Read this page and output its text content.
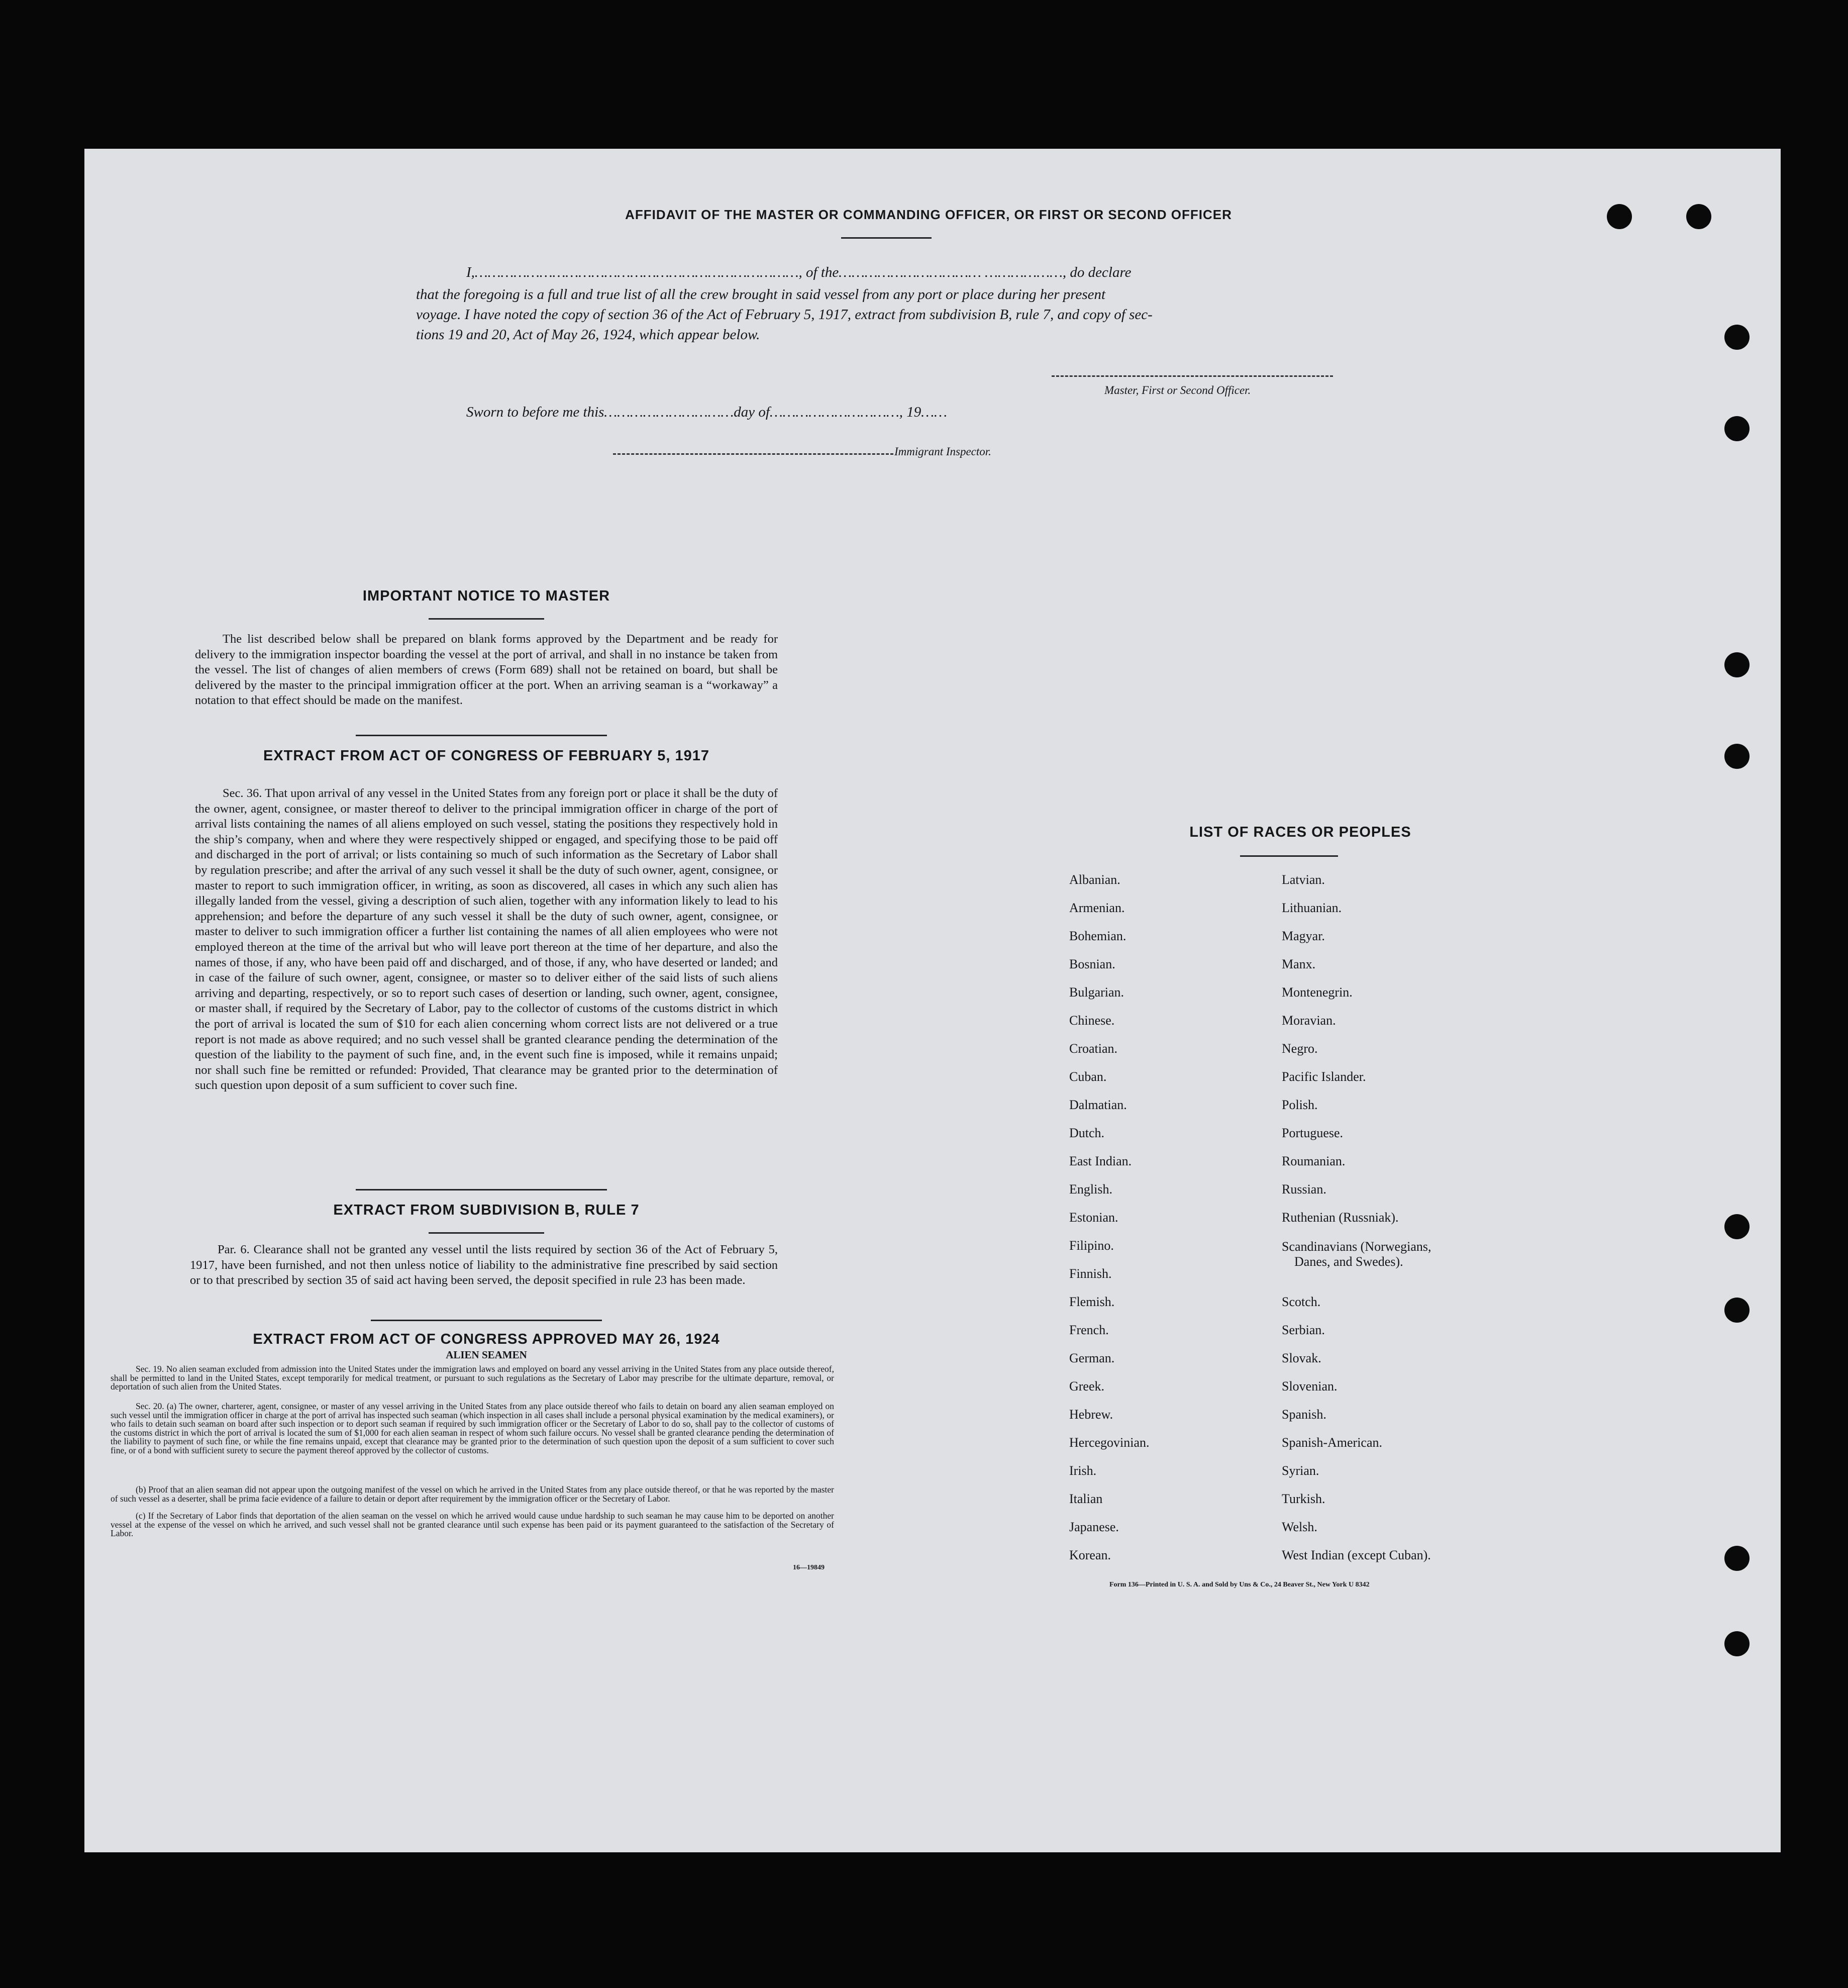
AFFIDAVIT OF THE MASTER OR COMMANDING OFFICER, OR FIRST OR SECOND OFFICER
I,…………………………………………………………………, of the…………………………… ………………, do declare
that the foregoing is a full and true list of all the crew brought in said vessel from any port or place during her present
voyage. I have noted the copy of section 36 of the Act of February 5, 1917, extract from subdivision B, rule 7, and copy of sec-
tions 19 and 20, Act of May 26, 1924, which appear below.
Master, First or Second Officer.
Sworn to before me this…………………………day of…………………………, 19……
Immigrant Inspector.
IMPORTANT NOTICE TO MASTER
The list described below shall be prepared on blank forms approved by the Department and be ready for delivery to the immigration inspector boarding the vessel at the port of arrival, and shall in no instance be taken from the vessel. The list of changes of alien members of crews (Form 689) shall not be retained on board, but shall be delivered by the master to the principal immigration officer at the port. When an arriving seaman is a “workaway” a notation to that effect should be made on the manifest.
EXTRACT FROM ACT OF CONGRESS OF FEBRUARY 5, 1917
Sec. 36. That upon arrival of any vessel in the United States from any foreign port or place it shall be the duty of the owner, agent, consignee, or master thereof to deliver to the principal immigration officer in charge of the port of arrival lists containing the names of all aliens employed on such vessel, stating the positions they respectively hold in the ship’s company, when and where they were respectively shipped or engaged, and specifying those to be paid off and discharged in the port of arrival; or lists containing so much of such information as the Secretary of Labor shall by regulation prescribe; and after the arrival of any such vessel it shall be the duty of such owner, agent, consignee, or master to report to such immigration officer, in writing, as soon as discovered, all cases in which any such alien has illegally landed from the vessel, giving a description of such alien, together with any information likely to lead to his apprehension; and before the departure of any such vessel it shall be the duty of such owner, agent, consignee, or master to deliver to such immigration officer a further list containing the names of all alien employees who were not employed thereon at the time of the arrival but who will leave port thereon at the time of her departure, and also the names of those, if any, who have been paid off and discharged, and of those, if any, who have deserted or landed; and in case of the failure of such owner, agent, consignee, or master so to deliver either of the said lists of such aliens arriving and departing, respectively, or so to report such cases of desertion or landing, such owner, agent, consignee, or master shall, if required by the Secretary of Labor, pay to the collector of customs of the customs district in which the port of arrival is located the sum of $10 for each alien concerning whom correct lists are not delivered or a true report is not made as above required; and no such vessel shall be granted clearance pending the determination of the question of the liability to the payment of such fine, and, in the event such fine is imposed, while it remains unpaid; nor shall such fine be remitted or refunded: Provided, That clearance may be granted prior to the determination of such question upon deposit of a sum sufficient to cover such fine.
EXTRACT FROM SUBDIVISION B, RULE 7
Par. 6. Clearance shall not be granted any vessel until the lists required by section 36 of the Act of February 5, 1917, have been furnished, and not then unless notice of liability to the administrative fine prescribed by said section or to that prescribed by section 35 of said act having been served, the deposit specified in rule 23 has been made.
EXTRACT FROM ACT OF CONGRESS APPROVED MAY 26, 1924
ALIEN SEAMEN
Sec. 19. No alien seaman excluded from admission into the United States under the immigration laws and employed on board any vessel arriving in the United States from any place outside thereof, shall be permitted to land in the United States, except temporarily for medical treatment, or pursuant to such regulations as the Secretary of Labor may prescribe for the ultimate departure, removal, or deportation of such alien from the United States.
Sec. 20. (a) The owner, charterer, agent, consignee, or master of any vessel arriving in the United States from any place outside thereof who fails to detain on board any alien seaman employed on such vessel until the immigration officer in charge at the port of arrival has inspected such seaman (which inspection in all cases shall include a personal physical examination by the medical examiners), or who fails to detain such seaman on board after such inspection or to deport such seaman if required by such immigration officer or the Secretary of Labor to do so, shall pay to the collector of customs of the customs district in which the port of arrival is located the sum of $1,000 for each alien seaman in respect of whom such failure occurs. No vessel shall be granted clearance pending the determination of the liability to payment of such fine, or while the fine remains unpaid, except that clearance may be granted prior to the determination of such question upon the deposit of a sum sufficient to cover such fine, or of a bond with sufficient surety to secure the payment thereof approved by the collector of customs.
(b) Proof that an alien seaman did not appear upon the outgoing manifest of the vessel on which he arrived in the United States from any place outside thereof, or that he was reported by the master of such vessel as a deserter, shall be prima facie evidence of a failure to detain or deport after requirement by the immigration officer or the Secretary of Labor.
(c) If the Secretary of Labor finds that deportation of the alien seaman on the vessel on which he arrived would cause undue hardship to such seaman he may cause him to be deported on another vessel at the expense of the vessel on which he arrived, and such vessel shall not be granted clearance until such expense has been paid or its payment guaranteed to the satisfaction of the Secretary of Labor.
16—19849
LIST OF RACES OR PEOPLES
Albanian.
Armenian.
Bohemian.
Bosnian.
Bulgarian.
Chinese.
Croatian.
Cuban.
Dalmatian.
Dutch.
East Indian.
English.
Estonian.
Filipino.
Finnish.
Flemish.
French.
German.
Greek.
Hebrew.
Hercegovinian.
Irish.
Italian
Japanese.
Korean.
Latvian.
Lithuanian.
Magyar.
Manx.
Montenegrin.
Moravian.
Negro.
Pacific Islander.
Polish.
Portuguese.
Roumanian.
Russian.
Ruthenian (Russniak).
Scandinavians (Norwegians,
Danes, and Swedes).
Scotch.
Serbian.
Slovak.
Slovenian.
Spanish.
Spanish-American.
Syrian.
Turkish.
Welsh.
West Indian (except Cuban).
Form 136—Printed in U. S. A. and Sold by Uns & Co., 24 Beaver St., New York U 8342
